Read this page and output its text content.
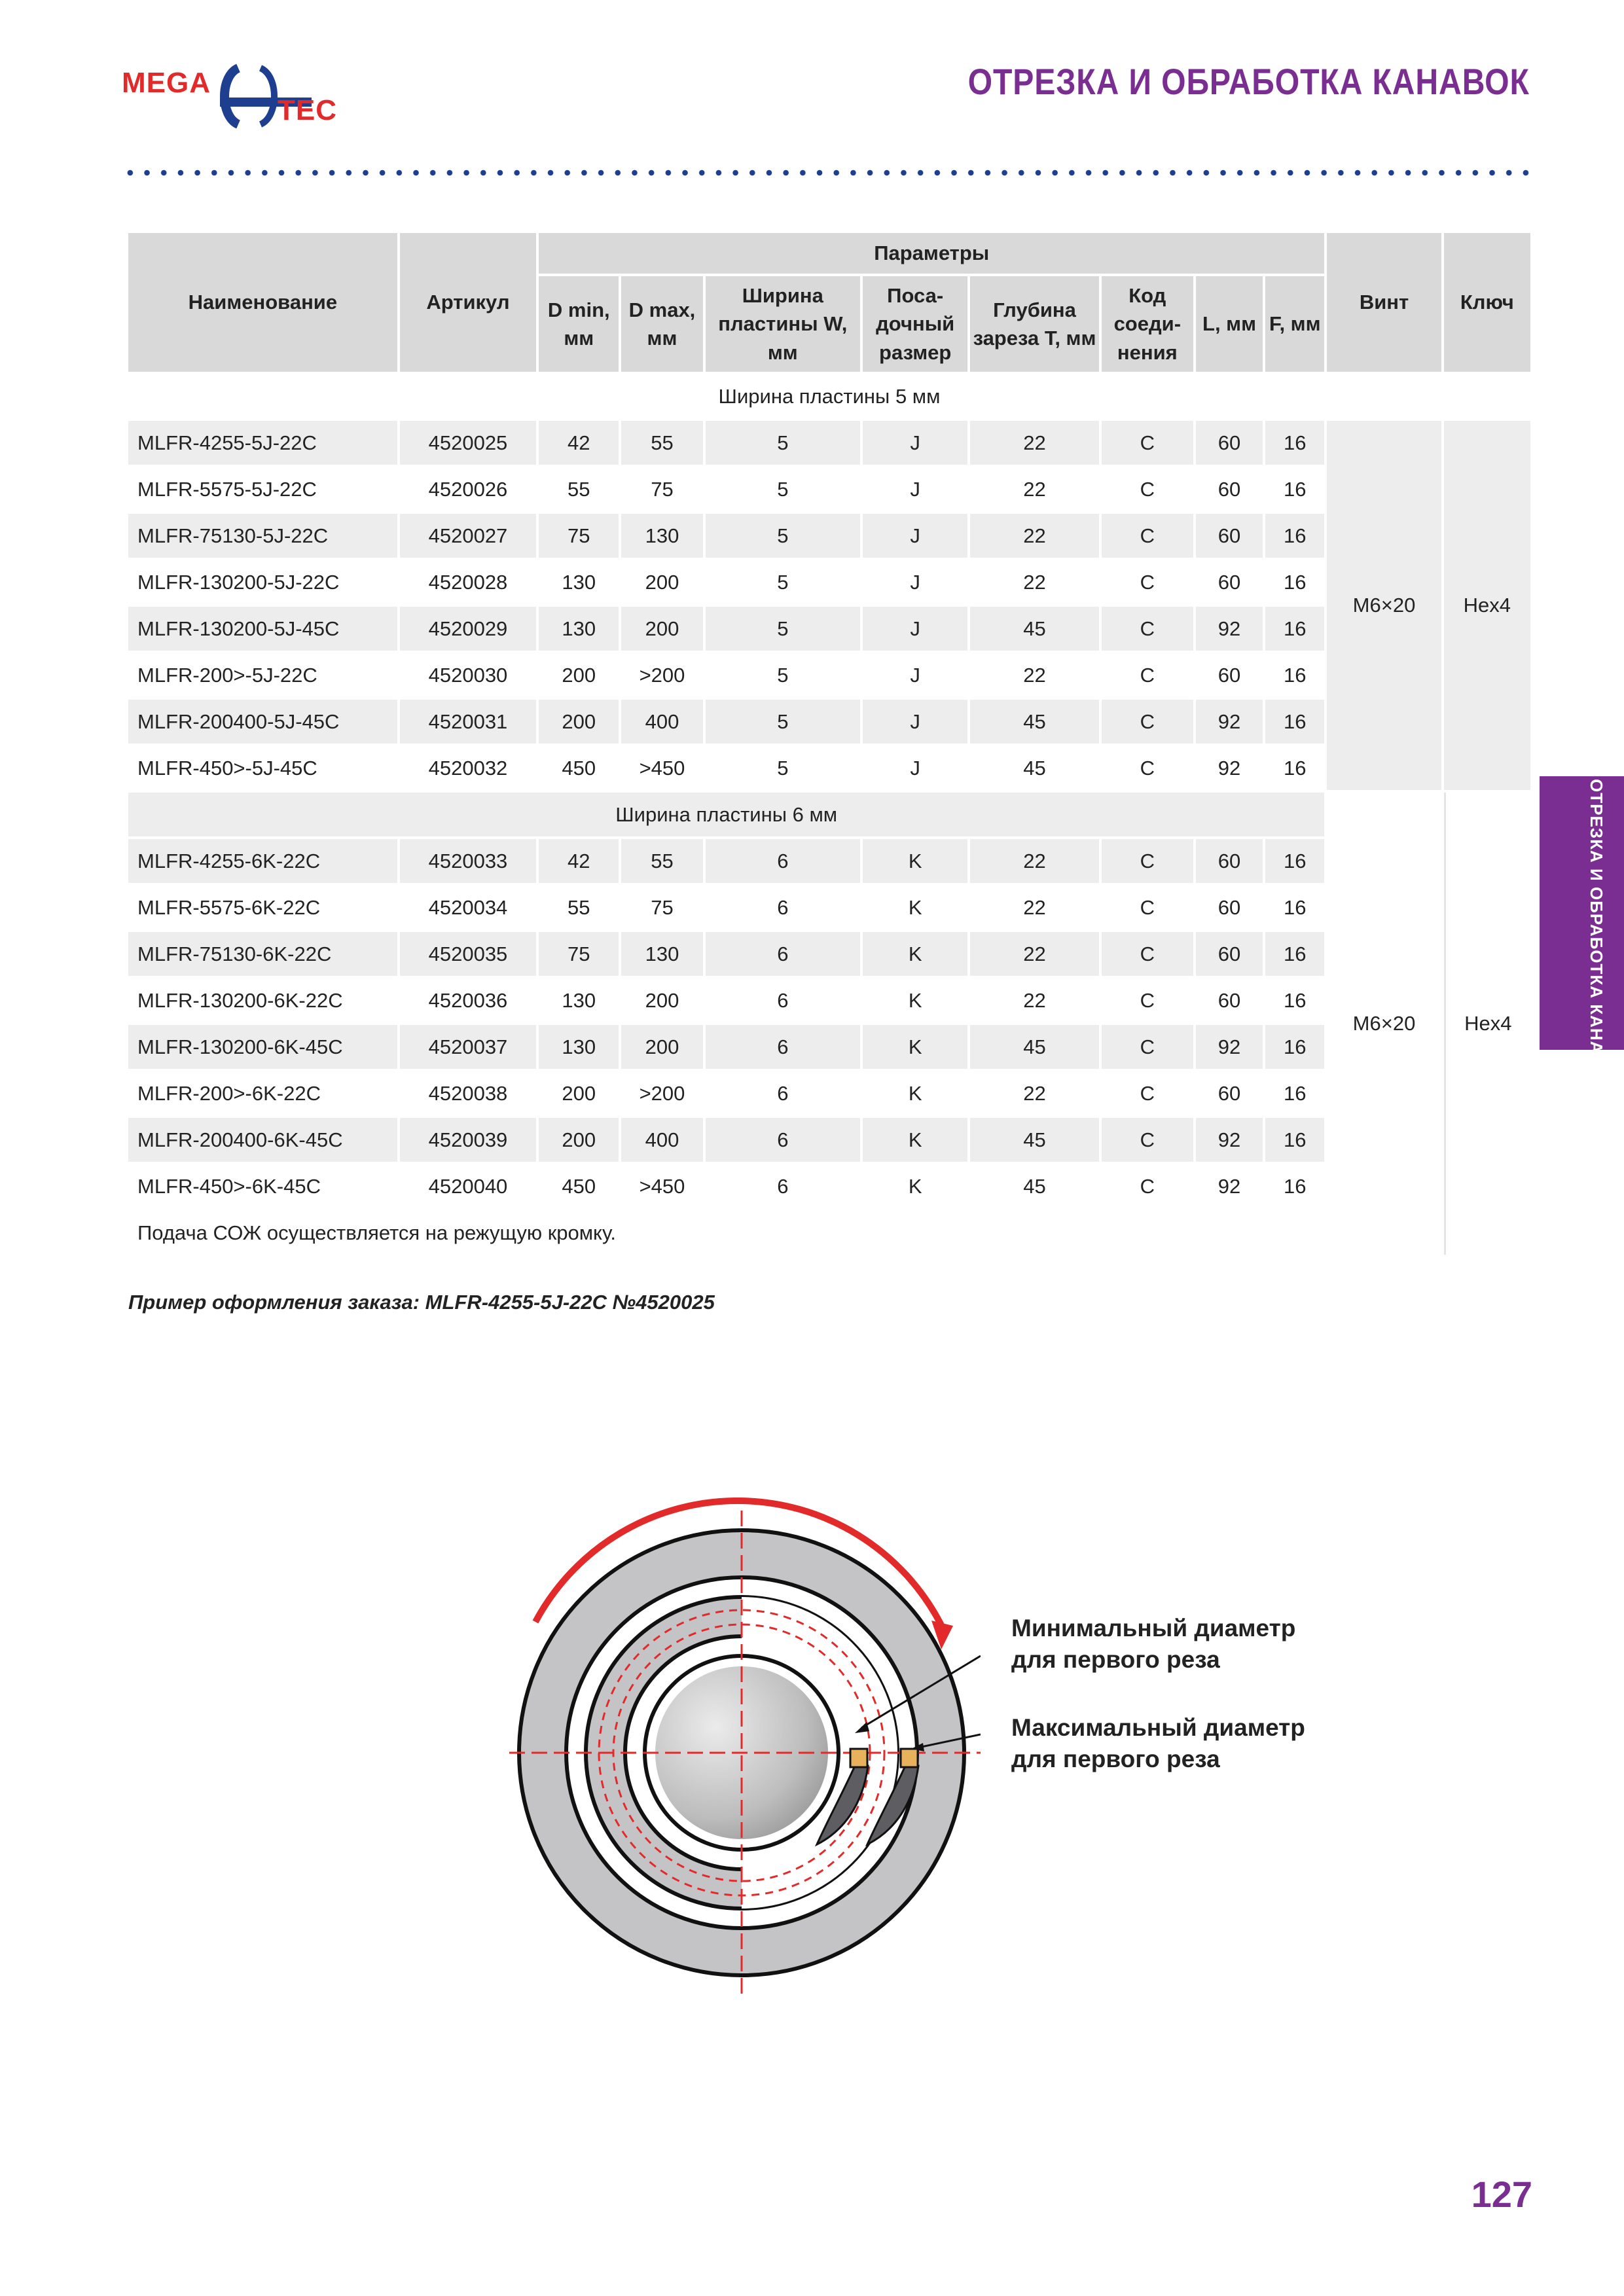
MEGA
TEC
ОТРЕЗКА И ОБРАБОТКА КАНАВОК
ОТРЕЗКА И ОБРАБОТКА КАНАВОК
Наименование	Артикул	Параметры								Винт	Ключ
		D min, мм	D max, мм	Ширина пластины W, мм	Поса-дочный размер	Глубина зареза T, мм	Код соеди-нения	L, мм	F, мм		
Ширина пластины 5 мм											
MLFR-4255-5J-22C	4520025	42	55	5	J	22	C	60	16	M6×20	Hex4
MLFR-5575-5J-22C	4520026	55	75	5	J	22	C	60	16		
MLFR-75130-5J-22C	4520027	75	130	5	J	22	C	60	16		
MLFR-130200-5J-22C	4520028	130	200	5	J	22	C	60	16		
MLFR-130200-5J-45C	4520029	130	200	5	J	45	C	92	16		
MLFR-200>-5J-22C	4520030	200	>200	5	J	22	C	60	16		
MLFR-200400-5J-45C	4520031	200	400	5	J	45	C	92	16		
MLFR-450>-5J-45C	4520032	450	>450	5	J	45	C	92	16		
Ширина пластины 6 мм										M6×20	Hex4
MLFR-4255-6K-22C	4520033	42	55	6	K	22	C	60	16		
MLFR-5575-6K-22C	4520034	55	75	6	K	22	C	60	16		
MLFR-75130-6K-22C	4520035	75	130	6	K	22	C	60	16		
MLFR-130200-6K-22C	4520036	130	200	6	K	22	C	60	16		
MLFR-130200-6K-45C	4520037	130	200	6	K	45	C	92	16		
MLFR-200>-6K-22C	4520038	200	>200	6	K	22	C	60	16		
MLFR-200400-6K-45C	4520039	200	400	6	K	45	C	92	16		
MLFR-450>-6K-45C	4520040	450	>450	6	K	45	C	92	16		
Подача СОЖ осуществляется на режущую кромку.											
Пример оформления заказа: MLFR-4255-5J-22C №4520025
Минимальный диаметр
для первого реза
Максимальный диаметр
для первого реза
127
